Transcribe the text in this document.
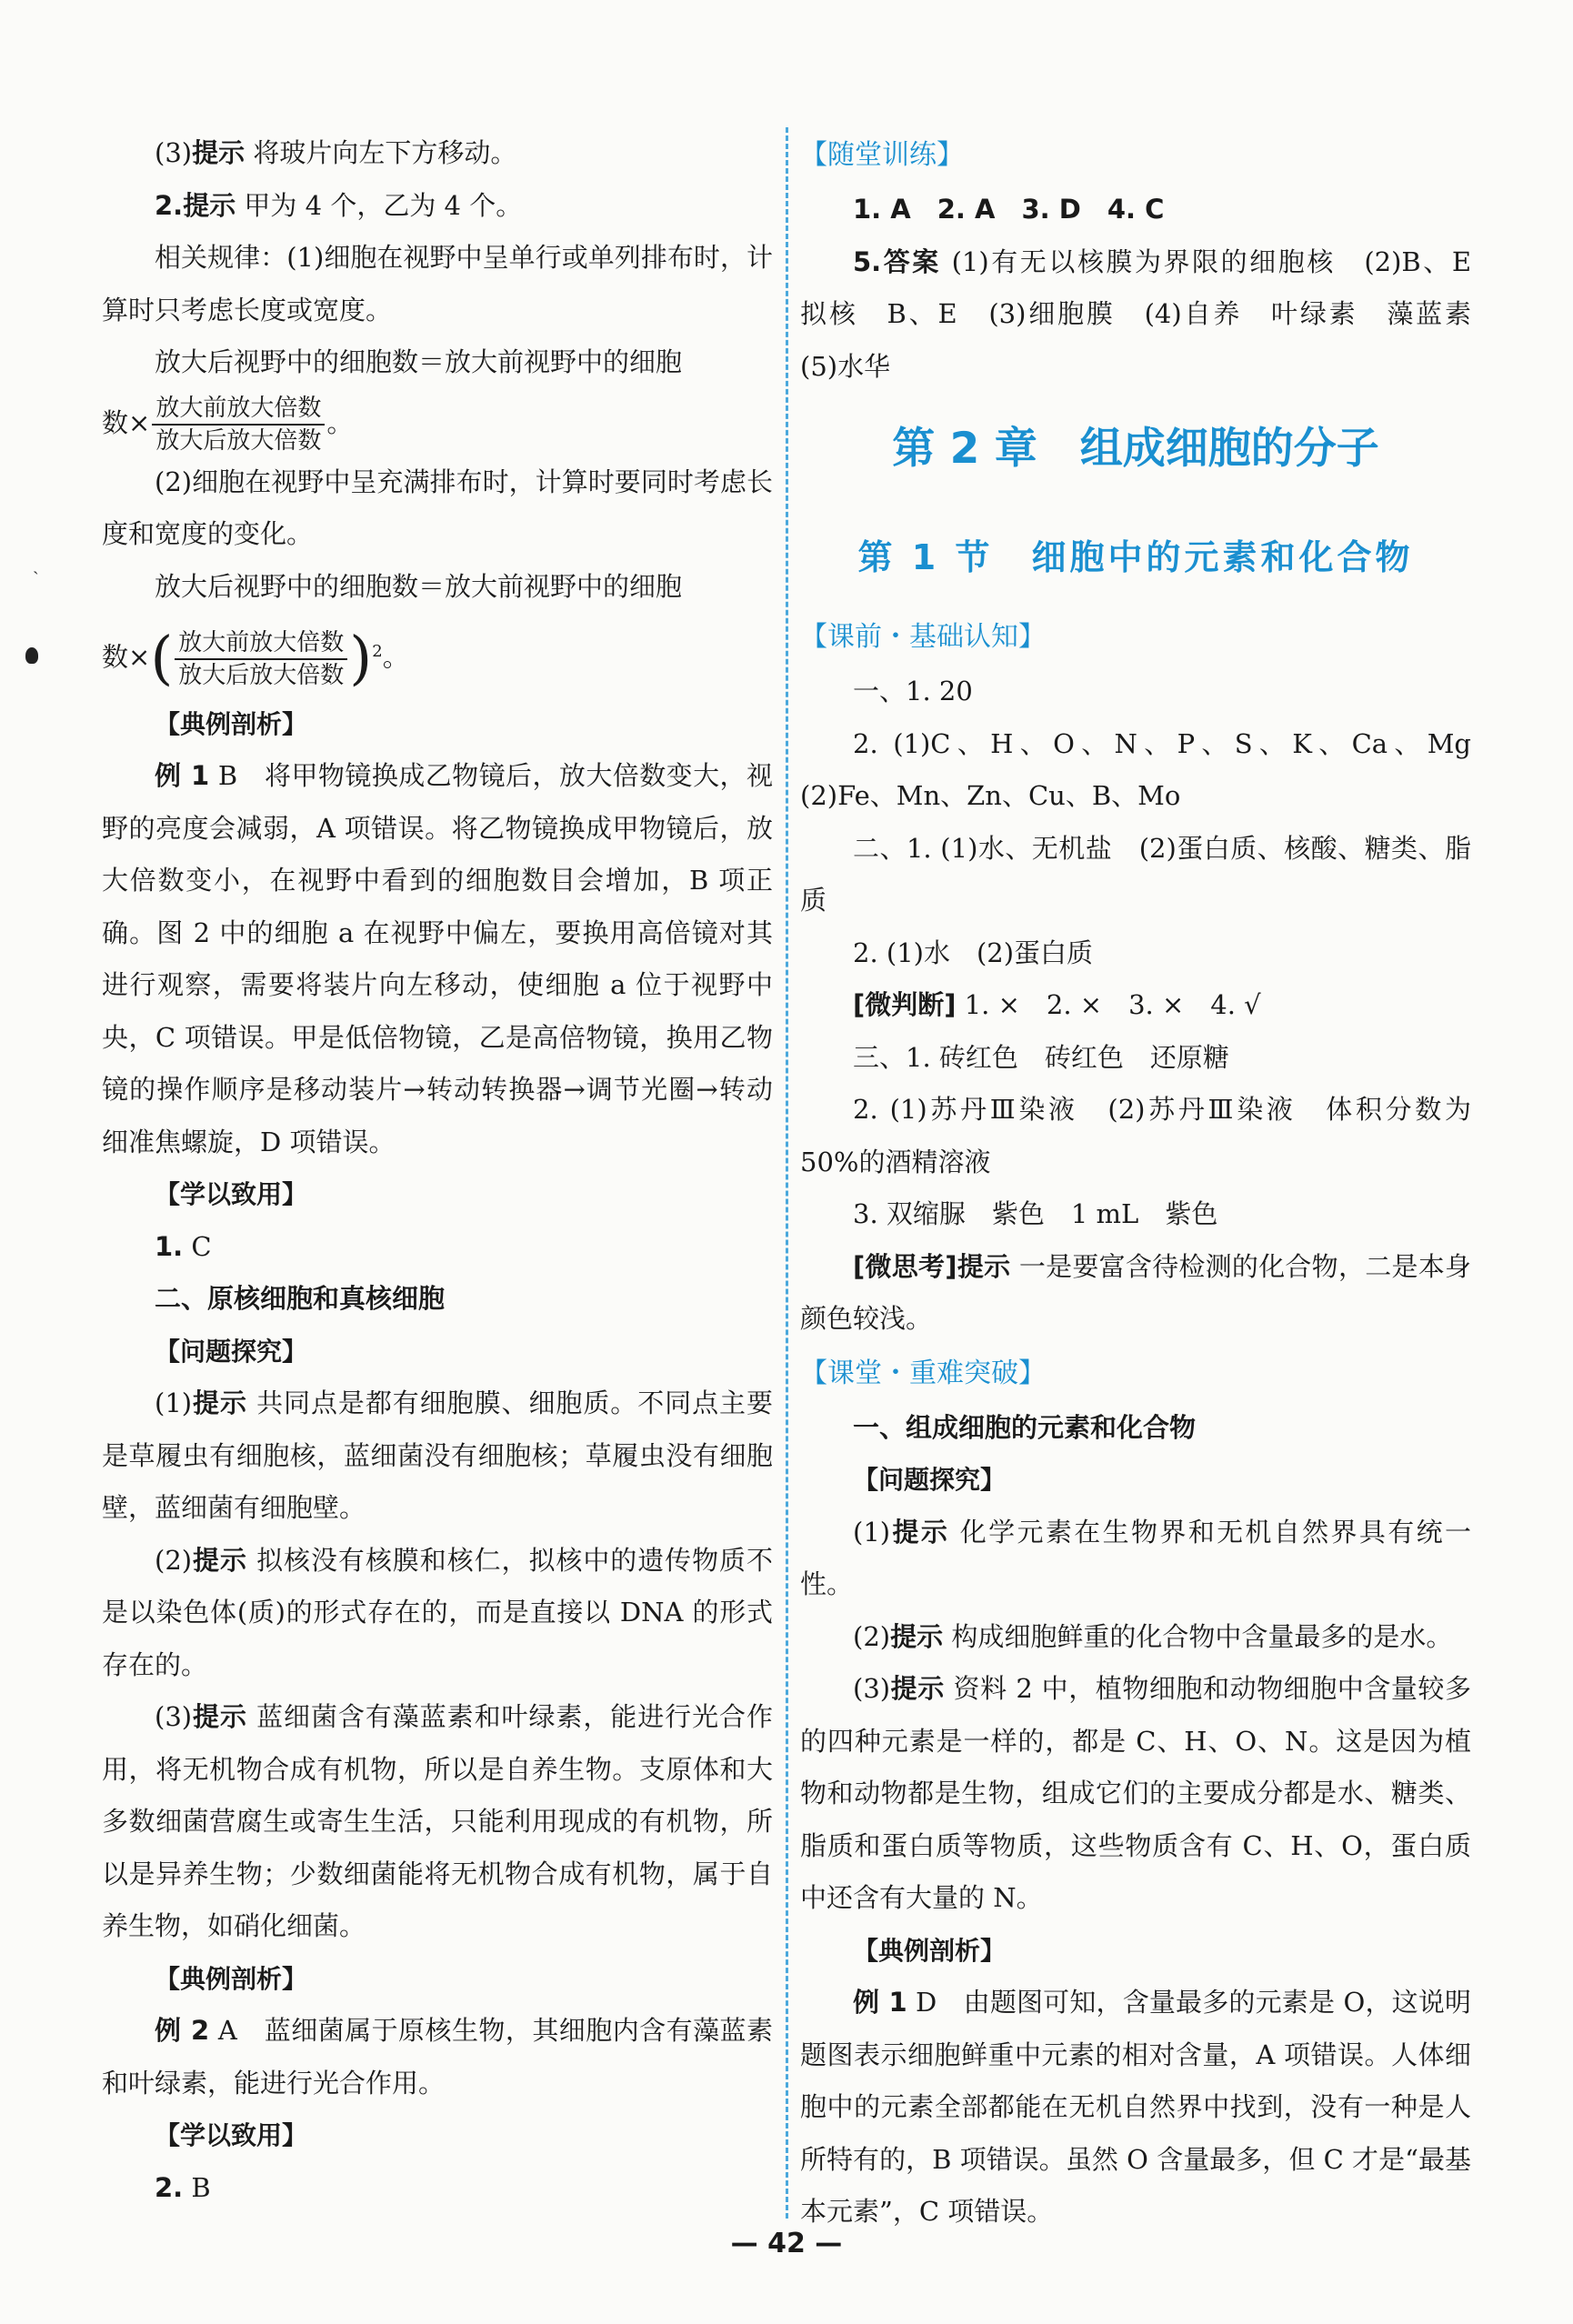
ˏ

(3)提示 将玻片向左下方移动。

2.提示 甲为 4 个，乙为 4 个。

相关规律：(1)细胞在视野中呈单行或单列排布时，计算时只考虑长度或宽度。

放大后视野中的细胞数＝放大前视野中的细胞

数× $\frac{\text{放大前放大倍数}}{\text{放大后放大倍数}}$ 。

(2)细胞在视野中呈充满排布时，计算时要同时考虑长度和宽度的变化。

放大后视野中的细胞数＝放大前视野中的细胞

数×( $\frac{\text{放大前放大倍数}}{\text{放大后放大倍数}} )^2$。

【典例剖析】

例 1 B　将甲物镜换成乙物镜后，放大倍数变大，视野的亮度会减弱，A 项错误。将乙物镜换成甲物镜后，放大倍数变小，在视野中看到的细胞数目会增加，B 项正确。图 2 中的细胞 a 在视野中偏左，要换用高倍镜对其进行观察，需要将装片向左移动，使细胞 a 位于视野中央，C 项错误。甲是低倍物镜，乙是高倍物镜，换用乙物镜的操作顺序是移动装片→转动转换器→调节光圈→转动细准焦螺旋，D 项错误。

【学以致用】

1. C

二、原核细胞和真核细胞

【问题探究】

(1)提示 共同点是都有细胞膜、细胞质。不同点主要是草履虫有细胞核，蓝细菌没有细胞核；草履虫没有细胞壁，蓝细菌有细胞壁。

(2)提示 拟核没有核膜和核仁，拟核中的遗传物质不是以染色体(质)的形式存在的，而是直接以 DNA 的形式存在的。

(3)提示 蓝细菌含有藻蓝素和叶绿素，能进行光合作用，将无机物合成有机物，所以是自养生物。支原体和大多数细菌营腐生或寄生生活，只能利用现成的有机物，所以是异养生物；少数细菌能将无机物合成有机物，属于自养生物，如硝化细菌。

【典例剖析】

例 2 A　蓝细菌属于原核生物，其细胞内含有藻蓝素和叶绿素，能进行光合作用。

【学以致用】

2. B

【随堂训练】

1. A　2. A　3. D　4. C

5.答案 (1)有无以核膜为界限的细胞核　(2)B、E　拟核　B、E　(3)细胞膜　(4)自养　叶绿素　藻蓝素　(5)水华

第 2 章　组成细胞的分子
第 1 节　细胞中的元素和化合物
【课前・基础认知】

一、1. 20

2. (1)C、H、O、N、P、S、K、Ca、Mg　(2)Fe、Mn、Zn、Cu、B、Mo

二、1. (1)水、无机盐　(2)蛋白质、核酸、糖类、脂质

2. (1)水　(2)蛋白质

[微判断] 1. ×　2. ×　3. ×　4. √

三、1. 砖红色　砖红色　还原糖

2. (1)苏丹Ⅲ染液　(2)苏丹Ⅲ染液　体积分数为 50%的酒精溶液

3. 双缩脲　紫色　1 mL　紫色

[微思考]提示 一是要富含待检测的化合物，二是本身颜色较浅。

【课堂・重难突破】

一、组成细胞的元素和化合物

【问题探究】

(1)提示 化学元素在生物界和无机自然界具有统一性。

(2)提示 构成细胞鲜重的化合物中含量最多的是水。

(3)提示 资料 2 中，植物细胞和动物细胞中含量较多的四种元素是一样的，都是 C、H、O、N。这是因为植物和动物都是生物，组成它们的主要成分都是水、糖类、脂质和蛋白质等物质，这些物质含有 C、H、O，蛋白质中还含有大量的 N。

【典例剖析】

例 1 D　由题图可知，含量最多的元素是 O，这说明题图表示细胞鲜重中元素的相对含量，A 项错误。人体细胞中的元素全部都能在无机自然界中找到，没有一种是人所特有的，B 项错误。虽然 O 含量最多，但 C 才是“最基本元素”，C 项错误。

— 42 —
